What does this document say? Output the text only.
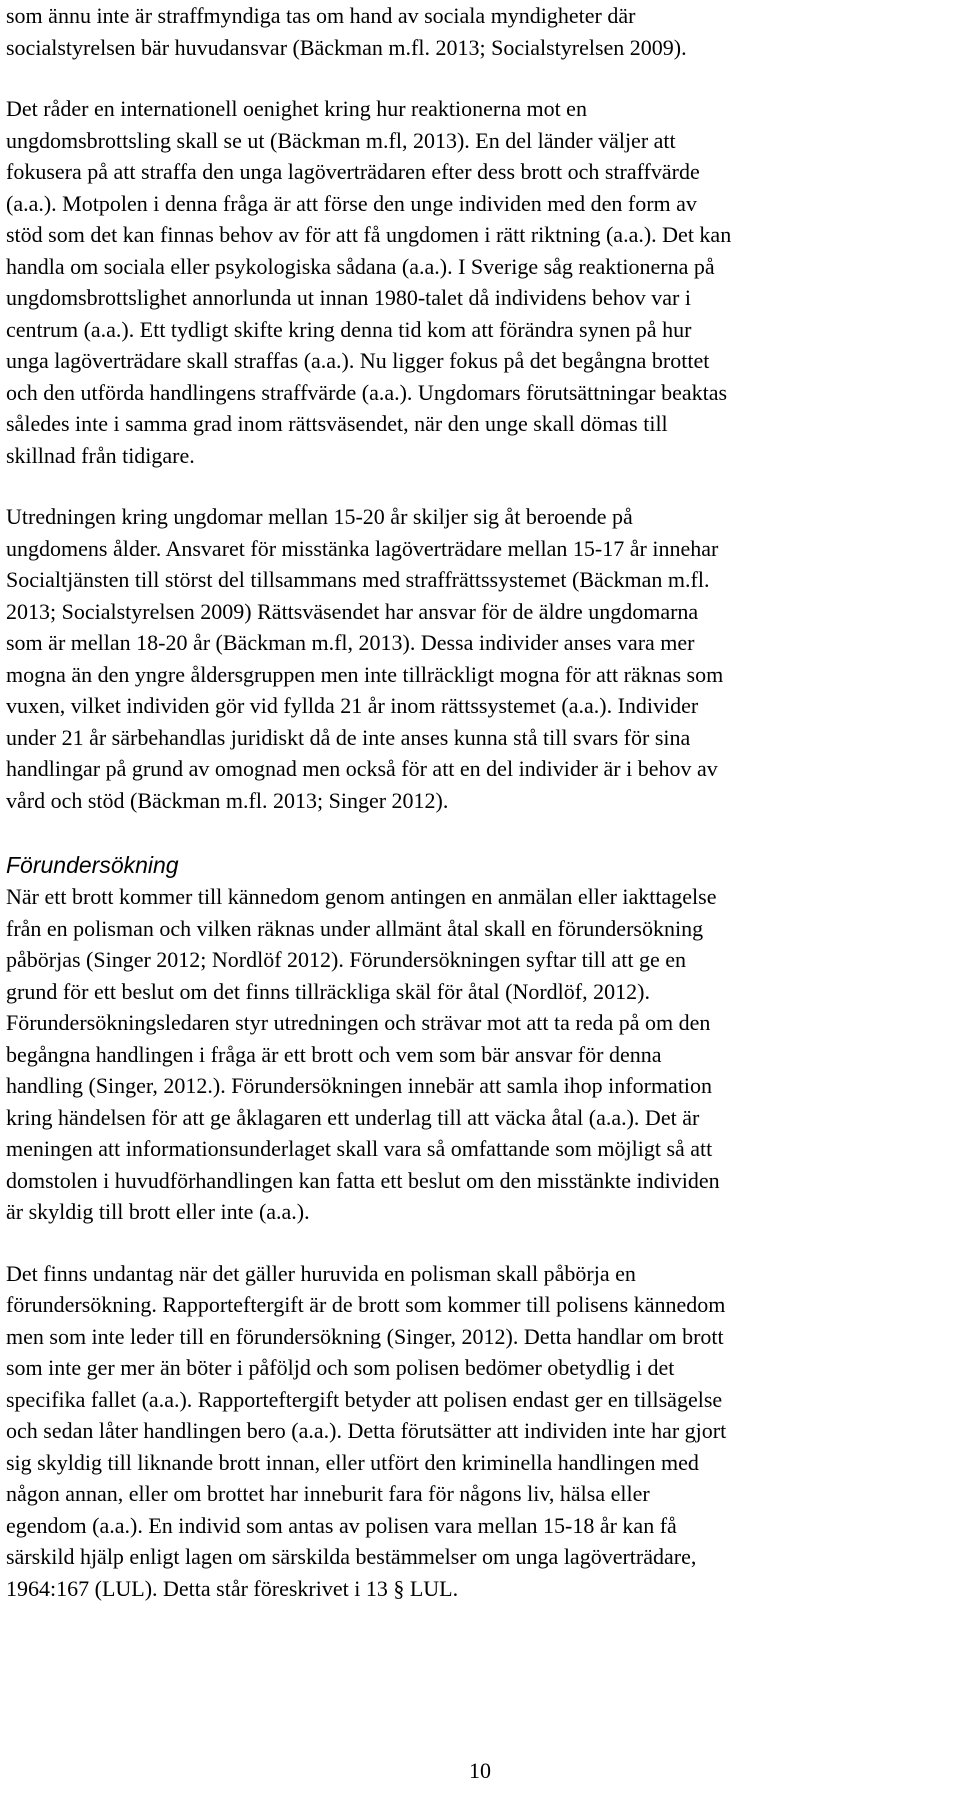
som ännu inte är straffmyndiga tas om hand av sociala myndigheter där
socialstyrelsen bär huvudansvar (Bäckman m.fl. 2013; Socialstyrelsen 2009).

Det råder en internationell oenighet kring hur reaktionerna mot en
ungdomsbrottsling skall se ut (Bäckman m.fl, 2013). En del länder väljer att
fokusera på att straffa den unga lagöverträdaren efter dess brott och straffvärde
(a.a.). Motpolen i denna fråga är att förse den unge individen med den form av
stöd som det kan finnas behov av för att få ungdomen i rätt riktning (a.a.). Det kan
handla om sociala eller psykologiska sådana (a.a.). I Sverige såg reaktionerna på
ungdomsbrottslighet annorlunda ut innan 1980-talet då individens behov var i
centrum (a.a.). Ett tydligt skifte kring denna tid kom att förändra synen på hur
unga lagöverträdare skall straffas (a.a.). Nu ligger fokus på det begångna brottet
och den utförda handlingens straffvärde (a.a.). Ungdomars förutsättningar beaktas
således inte i samma grad inom rättsväsendet, när den unge skall dömas till
skillnad från tidigare.

Utredningen kring ungdomar mellan 15-20 år skiljer sig åt beroende på
ungdomens ålder. Ansvaret för misstänka lagöverträdare mellan 15-17 år innehar
Socialtjänsten till störst del tillsammans med straffrättssystemet (Bäckman m.fl.
2013; Socialstyrelsen 2009) Rättsväsendet har ansvar för de äldre ungdomarna
som är mellan 18-20 år (Bäckman m.fl, 2013). Dessa individer anses vara mer
mogna än den yngre åldersgruppen men inte tillräckligt mogna för att räknas som
vuxen, vilket individen gör vid fyllda 21 år inom rättssystemet (a.a.). Individer
under 21 år särbehandlas juridiskt då de inte anses kunna stå till svars för sina
handlingar på grund av omognad men också för att en del individer är i behov av
vård och stöd (Bäckman m.fl. 2013; Singer 2012).

Förundersökning

När ett brott kommer till kännedom genom antingen en anmälan eller iakttagelse
från en polisman och vilken räknas under allmänt åtal skall en förundersökning
påbörjas (Singer 2012; Nordlöf 2012). Förundersökningen syftar till att ge en
grund för ett beslut om det finns tillräckliga skäl för åtal (Nordlöf, 2012).
Förundersökningsledaren styr utredningen och strävar mot att ta reda på om den
begångna handlingen i fråga är ett brott och vem som bär ansvar för denna
handling (Singer, 2012.). Förundersökningen innebär att samla ihop information
kring händelsen för att ge åklagaren ett underlag till att väcka åtal (a.a.). Det är
meningen att informationsunderlaget skall vara så omfattande som möjligt så att
domstolen i huvudförhandlingen kan fatta ett beslut om den misstänkte individen
är skyldig till brott eller inte (a.a.).

Det finns undantag när det gäller huruvida en polisman skall påbörja en
förundersökning. Rapporteftergift är de brott som kommer till polisens kännedom
men som inte leder till en förundersökning (Singer, 2012). Detta handlar om brott
som inte ger mer än böter i påföljd och som polisen bedömer obetydlig i det
specifika fallet (a.a.). Rapporteftergift betyder att polisen endast ger en tillsägelse
och sedan låter handlingen bero (a.a.). Detta förutsätter att individen inte har gjort
sig skyldig till liknande brott innan, eller utfört den kriminella handlingen med
någon annan, eller om brottet har inneburit fara för någons liv, hälsa eller
egendom (a.a.). En individ som antas av polisen vara mellan 15-18 år kan få
särskild hjälp enligt lagen om särskilda bestämmelser om unga lagöverträdare,
1964:167 (LUL). Detta står föreskrivet i 13 § LUL.

10
